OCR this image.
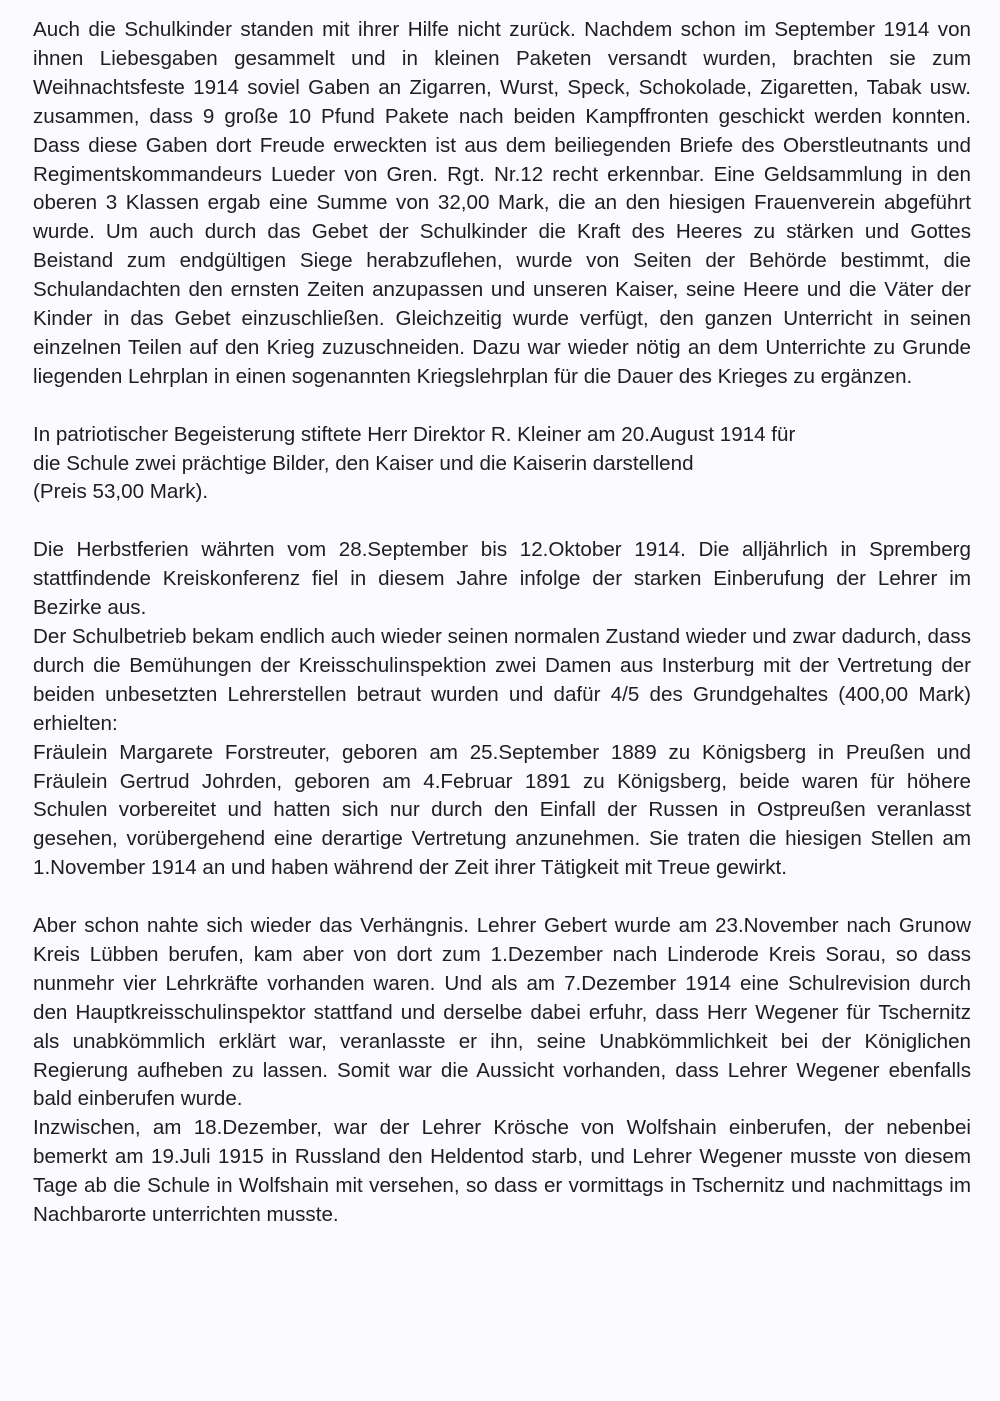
Auch die Schulkinder standen mit ihrer Hilfe nicht zurück. Nachdem schon im September 1914 von ihnen Liebesgaben gesammelt und in kleinen Paketen versandt wurden, brachten sie zum Weihnachtsfeste 1914 soviel Gaben an Zigarren, Wurst, Speck, Schokolade, Zigaretten, Tabak usw. zusammen, dass 9 große 10 Pfund Pakete nach beiden Kampffronten geschickt werden konnten. Dass diese Gaben dort Freude erweckten ist aus dem beiliegenden Briefe des Oberstleutnants und Regimentskommandeurs Lueder von Gren. Rgt. Nr.12 recht erkennbar. Eine Geldsammlung in den oberen 3 Klassen ergab eine Summe von 32,00 Mark, die an den hiesigen Frauenverein abgeführt wurde. Um auch durch das Gebet der Schulkinder die Kraft des Heeres zu stärken und Gottes Beistand zum endgültigen Siege herabzuflehen, wurde von Seiten der Behörde bestimmt, die Schulandachten den ernsten Zeiten anzupassen und unseren Kaiser, seine Heere und die Väter der Kinder in das Gebet einzuschließen. Gleichzeitig wurde verfügt, den ganzen Unterricht in seinen einzelnen Teilen auf den Krieg zuzuschneiden. Dazu war wieder nötig an dem Unterrichte zu Grunde liegenden Lehrplan in einen sogenannten Kriegslehrplan für die Dauer des Krieges zu ergänzen.

In patriotischer Begeisterung stiftete Herr Direktor R. Kleiner am 20.August 1914 für
die Schule zwei prächtige Bilder, den Kaiser und die Kaiserin darstellend
(Preis 53,00 Mark).

Die Herbstferien währten vom 28.September bis 12.Oktober 1914. Die alljährlich in Spremberg stattfindende Kreiskonferenz fiel in diesem Jahre infolge der starken Einberufung der Lehrer im Bezirke aus.

Der Schulbetrieb bekam endlich auch wieder seinen normalen Zustand wieder und zwar dadurch, dass durch die Bemühungen der Kreisschulinspektion zwei Damen aus Insterburg mit der Vertretung der beiden unbesetzten Lehrerstellen betraut wurden und dafür 4/5 des Grundgehaltes (400,00 Mark) erhielten:

Fräulein Margarete Forstreuter, geboren am 25.September 1889 zu Königsberg in Preußen und Fräulein Gertrud Johrden, geboren am 4.Februar 1891 zu Königsberg, beide waren für höhere Schulen vorbereitet und hatten sich nur durch den Einfall der Russen in Ostpreußen veranlasst gesehen, vorübergehend eine derartige Vertretung anzunehmen. Sie traten die hiesigen Stellen am 1.November 1914 an und haben während der Zeit ihrer Tätigkeit mit Treue gewirkt.

Aber schon nahte sich wieder das Verhängnis. Lehrer Gebert wurde am 23.November nach Grunow Kreis Lübben berufen, kam aber von dort zum 1.Dezember nach Linderode Kreis Sorau, so dass nunmehr vier Lehrkräfte vorhanden waren. Und als am 7.Dezember 1914 eine Schulrevision durch den Hauptkreisschulinspektor stattfand und derselbe dabei erfuhr, dass Herr Wegener für Tschernitz als unabkömmlich erklärt war, veranlasste er ihn, seine Unabkömmlichkeit bei der Königlichen Regierung aufheben zu lassen. Somit war die Aussicht vorhanden, dass Lehrer Wegener ebenfalls bald einberufen wurde.

Inzwischen, am 18.Dezember, war der Lehrer Krösche von Wolfshain einberufen, der nebenbei bemerkt am 19.Juli 1915 in Russland den Heldentod starb, und Lehrer Wegener musste von diesem Tage ab die Schule in Wolfshain mit versehen, so dass er vormittags in Tschernitz und nachmittags im Nachbarorte unterrichten musste.
